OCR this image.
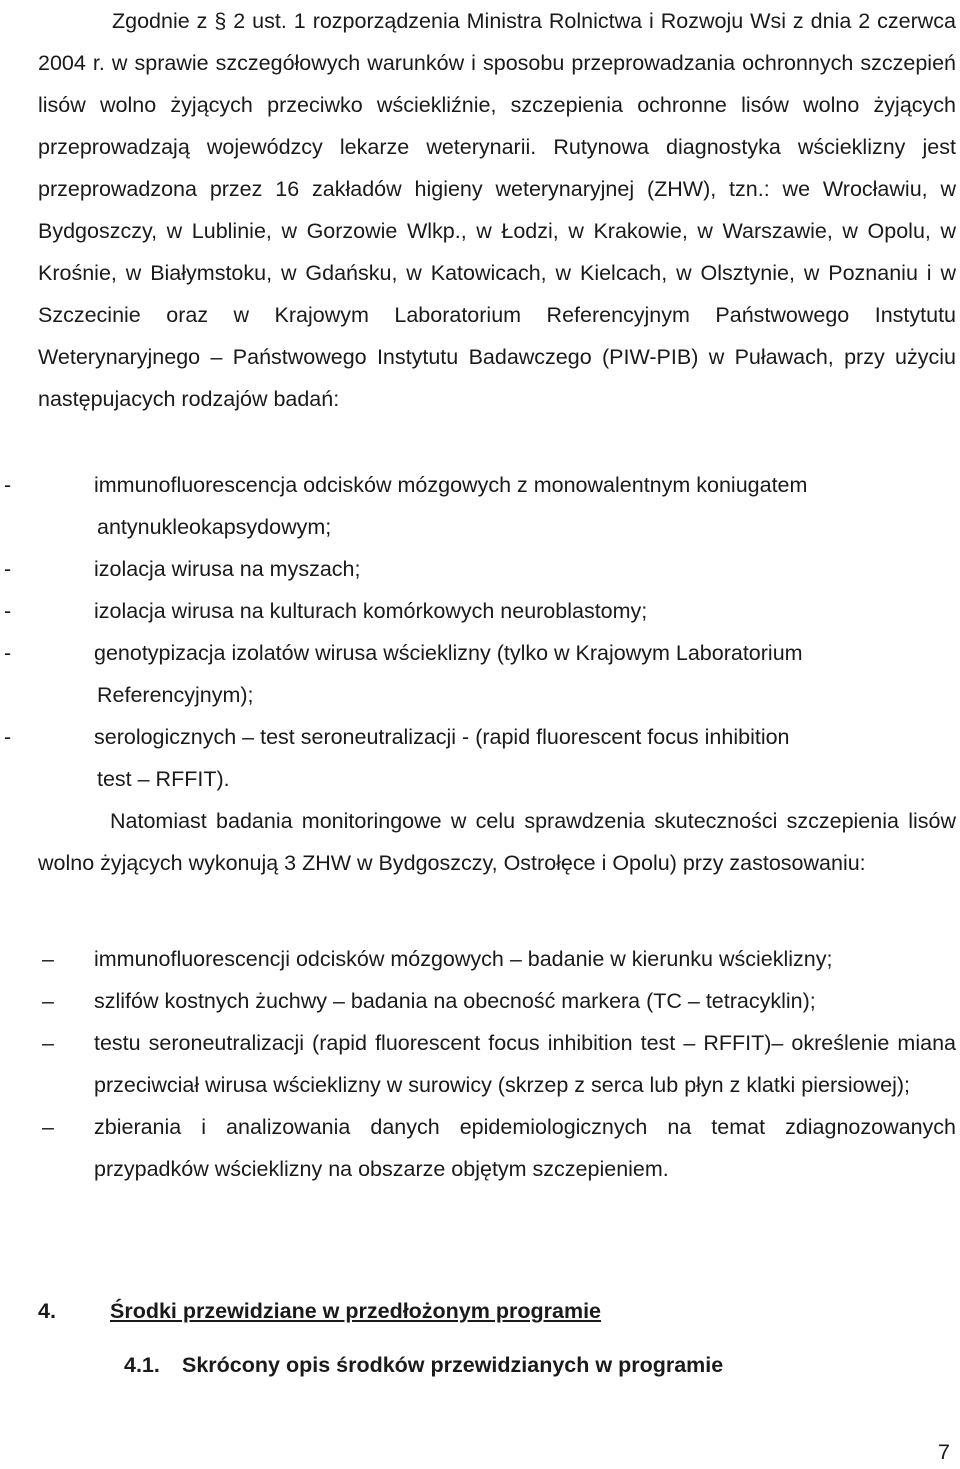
Zgodnie z § 2 ust. 1 rozporządzenia Ministra Rolnictwa i Rozwoju Wsi z dnia 2 czerwca 2004 r. w sprawie szczegółowych warunków i sposobu przeprowadzania ochronnych szczepień lisów wolno żyjących przeciwko wściekliźnie, szczepienia ochronne lisów wolno żyjących przeprowadzają wojewódzcy lekarze weterynarii. Rutynowa diagnostyka wścieklizny jest przeprowadzona przez 16 zakładów higieny weterynaryjnej (ZHW), tzn.: we Wrocławiu, w Bydgoszczy, w Lublinie, w Gorzowie Wlkp., w Łodzi, w Krakowie, w Warszawie, w Opolu, w Krośnie, w Białymstoku, w Gdańsku, w Katowicach, w Kielcach, w Olsztynie, w Poznaniu i w Szczecinie oraz w Krajowym Laboratorium Referencyjnym Państwowego Instytutu Weterynaryjnego – Państwowego Instytutu Badawczego (PIW-PIB) w Puławach, przy użyciu następujacych rodzajów badań:

-	immunofluorescencja odcisków mózgowych z monowalentnym koniugatem
antynukleokapsydowym;
-	izolacja wirusa na myszach;
-	izolacja wirusa na kulturach komórkowych neuroblastomy;
-	genotypizacja izolatów wirusa wścieklizny (tylko w Krajowym Laboratorium
Referencyjnym);
-	serologicznych – test seroneutralizacji - (rapid fluorescent focus inhibition
test – RFFIT).

Natomiast badania monitoringowe w celu sprawdzenia skuteczności szczepienia lisów wolno żyjących wykonują 3 ZHW w Bydgoszczy, Ostrołęce i Opolu) przy zastosowaniu:

– immunofluorescencji odcisków mózgowych – badanie w kierunku wścieklizny;
– szlifów kostnych żuchwy – badania na obecność markera (TC – tetracyklin);
– testu seroneutralizacji (rapid fluorescent focus inhibition test – RFFIT)– określenie miana przeciwciał wirusa wścieklizny w surowicy (skrzep z serca lub płyn z klatki piersiowej);
– zbierania i analizowania danych epidemiologicznych na temat zdiagnozowanych przypadków wścieklizny na obszarze objętym szczepieniem.
4.	Środki przewidziane w przedłożonym programie
4.1. Skrócony opis środków przewidzianych w programie
7
